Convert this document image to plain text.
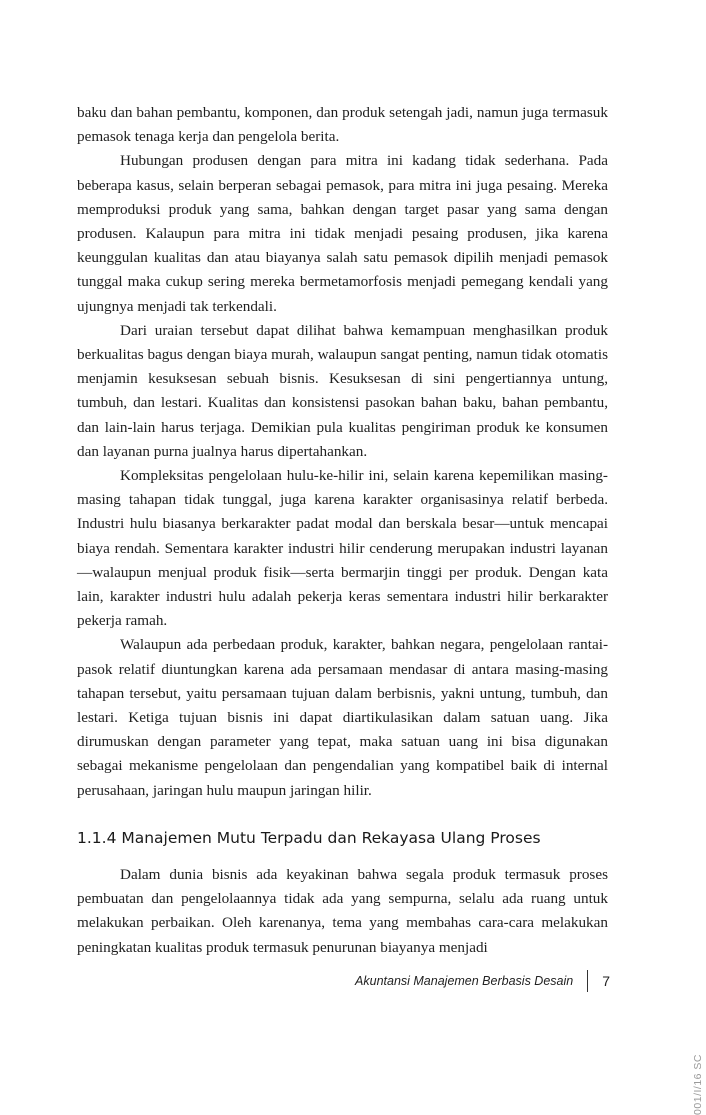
baku dan bahan pembantu, komponen, dan produk setengah jadi, namun juga termasuk pemasok tenaga kerja dan pengelola berita.

Hubungan produsen dengan para mitra ini kadang tidak sederhana. Pada beberapa kasus, selain berperan sebagai pemasok, para mitra ini juga pesaing. Mereka memproduksi produk yang sama, bahkan dengan target pasar yang sama dengan produsen. Kalaupun para mitra ini tidak menjadi pesaing produsen, jika karena keunggulan kualitas dan atau biayanya salah satu pemasok dipilih menjadi pemasok tunggal maka cukup sering mereka bermetamorfosis menjadi pemegang kendali yang ujungnya menjadi tak terkendali.

Dari uraian tersebut dapat dilihat bahwa kemampuan menghasilkan produk berkualitas bagus dengan biaya murah, walaupun sangat penting, namun tidak otomatis menjamin kesuksesan sebuah bisnis. Kesuksesan di sini pengertiannya untung, tumbuh, dan lestari. Kualitas dan konsistensi pasokan bahan baku, bahan pembantu, dan lain-lain harus terjaga. Demikian pula kualitas pengiriman produk ke konsumen dan layanan purna jualnya harus dipertahankan.

Kompleksitas pengelolaan hulu-ke-hilir ini, selain karena kepemilikan masing-masing tahapan tidak tunggal, juga karena karakter organisasinya relatif berbeda. Industri hulu biasanya berkarakter padat modal dan berskala besar—untuk mencapai biaya rendah. Sementara karakter industri hilir cenderung merupakan industri layanan—walaupun menjual produk fisik—serta bermarjin tinggi per produk. Dengan kata lain, karakter industri hulu adalah pekerja keras sementara industri hilir berkarakter pekerja ramah.

Walaupun ada perbedaan produk, karakter, bahkan negara, pengelolaan rantai-pasok relatif diuntungkan karena ada persamaan mendasar di antara masing-masing tahapan tersebut, yaitu persamaan tujuan dalam berbisnis, yakni untung, tumbuh, dan lestari. Ketiga tujuan bisnis ini dapat diartikulasikan dalam satuan uang. Jika dirumuskan dengan parameter yang tepat, maka satuan uang ini bisa digunakan sebagai mekanisme pengelolaan dan pengendalian yang kompatibel baik di internal perusahaan, jaringan hulu maupun jaringan hilir.

1.1.4 Manajemen Mutu Terpadu dan Rekayasa Ulang Proses

Dalam dunia bisnis ada keyakinan bahwa segala produk termasuk proses pembuatan dan pengelolaannya tidak ada yang sempurna, selalu ada ruang untuk melakukan perbaikan. Oleh karenanya, tema yang membahas cara-cara melakukan peningkatan kualitas produk termasuk penurunan biayanya menjadi

Akuntansi Manajemen Berbasis Desain	7
001/I/16 SC
